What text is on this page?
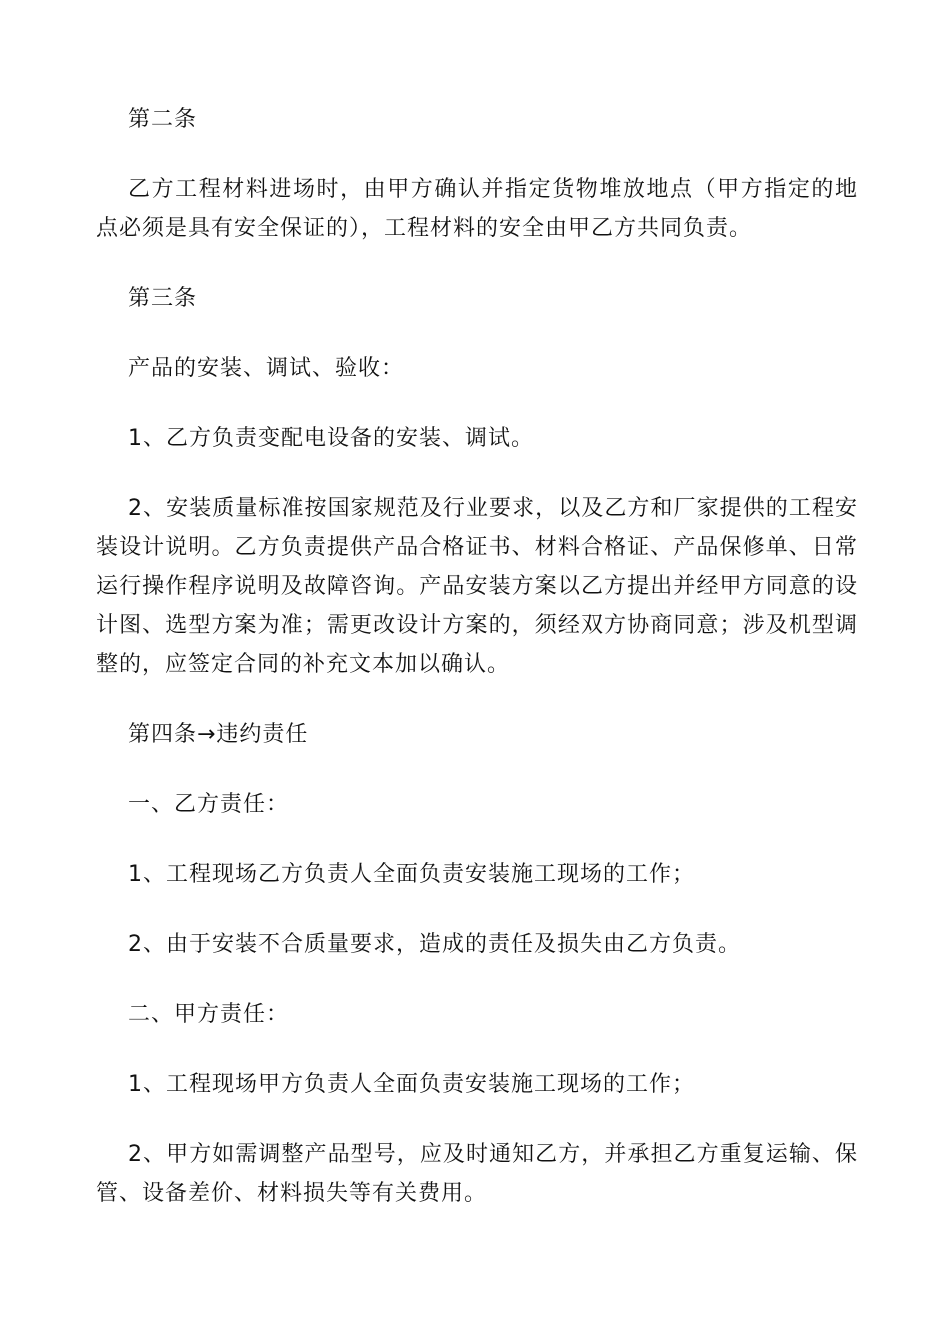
第二条

乙方工程材料进场时，由甲方确认并指定货物堆放地点（甲方指定的地点必须是具有安全保证的），工程材料的安全由甲乙方共同负责。

第三条

产品的安装、调试、验收：

1、乙方负责变配电设备的安装、调试。

2、安装质量标准按国家规范及行业要求，以及乙方和厂家提供的工程安装设计说明。乙方负责提供产品合格证书、材料合格证、产品保修单、日常运行操作程序说明及故障咨询。产品安装方案以乙方提出并经甲方同意的设计图、选型方案为准；需更改设计方案的，须经双方协商同意；涉及机型调整的，应签定合同的补充文本加以确认。

第四条→违约责任

一、乙方责任：

1、工程现场乙方负责人全面负责安装施工现场的工作；

2、由于安装不合质量要求，造成的责任及损失由乙方负责。

二、甲方责任：

1、工程现场甲方负责人全面负责安装施工现场的工作；

2、甲方如需调整产品型号，应及时通知乙方，并承担乙方重复运输、保管、设备差价、材料损失等有关费用。
